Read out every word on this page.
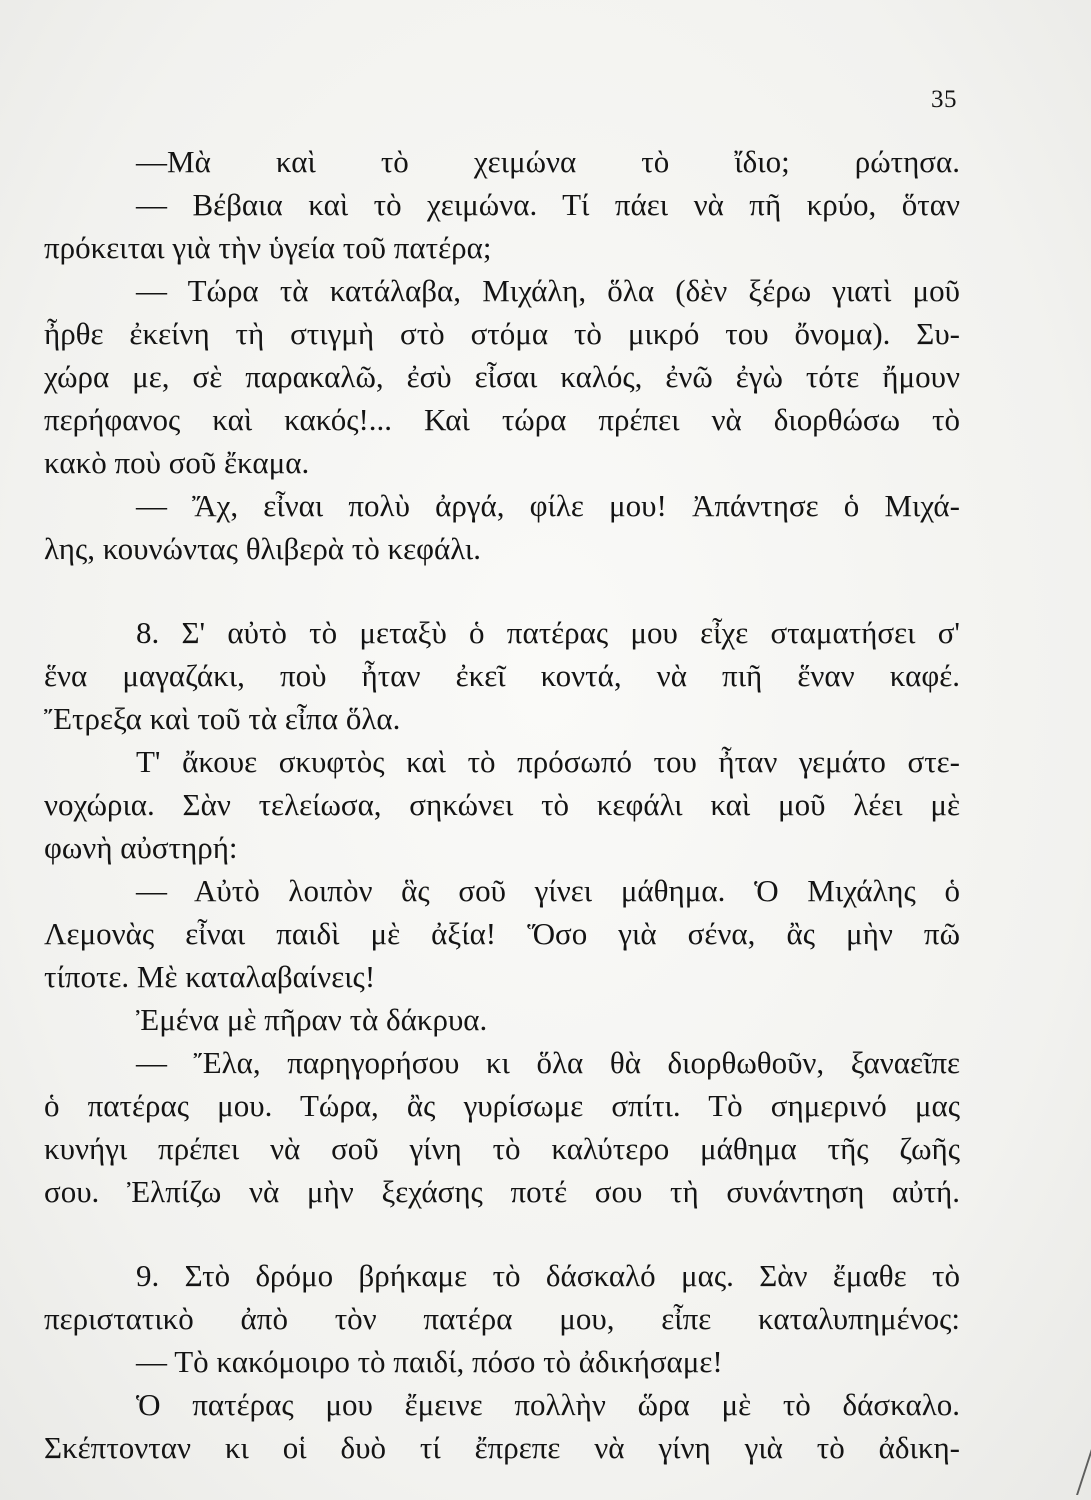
35
—Μὰ καὶ τὸ χειμώνα τὸ ἴδιο; ρώτησα.
— Βέβαια καὶ τὸ χειμώνα. Τί πάει νὰ πῆ κρύο, ὅταν
πρόκειται γιὰ τὴν ὑγεία τοῦ πατέρα;
— Τώρα τὰ κατάλαβα, Μιχάλη, ὅλα (δὲν ξέρω γιατὶ μοῦ
ἦρθε ἐκείνη τὴ στιγμὴ στὸ στόμα τὸ μικρό του ὄνομα). Συ-
χώρα με, σὲ παρακαλῶ, ἐσὺ εἶσαι καλός, ἐνῶ ἐγὼ τότε ἤμουν
περήφανος καὶ κακός!... Καὶ τώρα πρέπει νὰ διορθώσω τὸ
κακὸ ποὺ σοῦ ἔκαμα.
— Ἄχ, εἶναι πολὺ ἀργά, φίλε μου! Ἀπάντησε ὁ Μιχά-
λης, κουνώντας θλιβερὰ τὸ κεφάλι.
8. Σ' αὐτὸ τὸ μεταξὺ ὁ πατέρας μου εἶχε σταματήσει σ'
ἕνα μαγαζάκι, ποὺ ἦταν ἐκεῖ κοντά, νὰ πιῆ ἕναν καφέ.
Ἔτρεξα καὶ τοῦ τὰ εἶπα ὅλα.
Τ' ἄκουε σκυφτὸς καὶ τὸ πρόσωπό του ἦταν γεμάτο στε-
νοχώρια. Σὰν τελείωσα, σηκώνει τὸ κεφάλι καὶ μοῦ λέει μὲ
φωνὴ αὐστηρή:
— Αὐτὸ λοιπὸν ἃς σοῦ γίνει μάθημα. Ὁ Μιχάλης ὁ
Λεμονὰς εἶναι παιδὶ μὲ ἀξία! Ὅσο γιὰ σένα, ἂς μὴν πῶ
τίποτε. Μὲ καταλαβαίνεις!
Ἐμένα μὲ πῆραν τὰ δάκρυα.
— Ἔλα, παρηγορήσου κι ὅλα θὰ διορθωθοῦν, ξαναεῖπε
ὁ πατέρας μου. Τώρα, ἂς γυρίσωμε σπίτι. Τὸ σημερινό μας
κυνήγι πρέπει νὰ σοῦ γίνη τὸ καλύτερο μάθημα τῆς ζωῆς
σου. Ἐλπίζω νὰ μὴν ξεχάσης ποτέ σου τὴ συνάντηση αὐτή.
9. Στὸ δρόμο βρήκαμε τὸ δάσκαλό μας. Σὰν ἔμαθε τὸ
περιστατικὸ ἀπὸ τὸν πατέρα μου, εἶπε καταλυπημένος:
— Τὸ κακόμοιρο τὸ παιδί, πόσο τὸ ἀδικήσαμε!
Ὁ πατέρας μου ἔμεινε πολλὴν ὥρα μὲ τὸ δάσκαλο.
Σκέπτονταν κι οἱ δυὸ τί ἔπρεπε νὰ γίνη γιὰ τὸ ἀδικη-
